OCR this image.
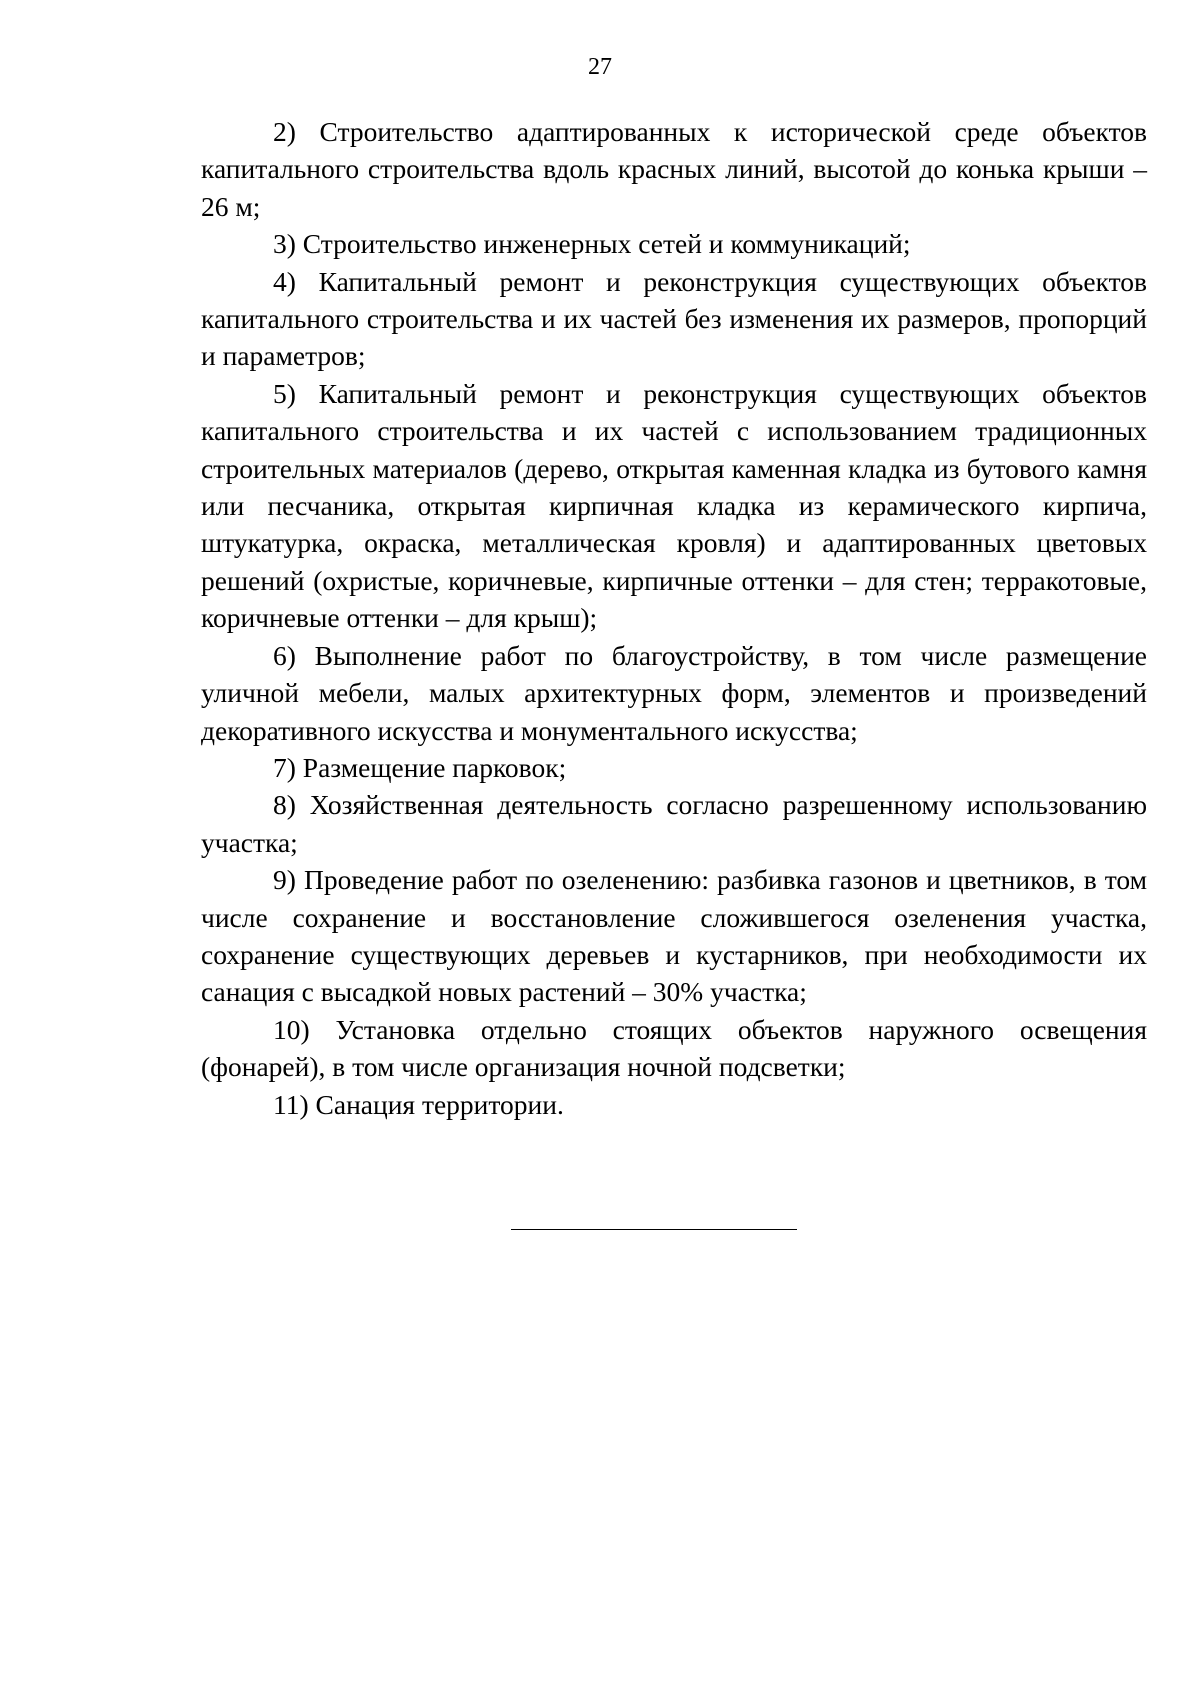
27

2) Строительство адаптированных к исторической среде объектов капитального строительства вдоль красных линий, высотой до конька крыши – 26 м;

3) Строительство инженерных сетей и коммуникаций;

4) Капитальный ремонт и реконструкция существующих объектов капитального строительства и их частей без изменения их размеров, пропорций и параметров;

5) Капитальный ремонт и реконструкция существующих объектов капитального строительства и их частей с использованием традиционных строительных материалов (дерево, открытая каменная кладка из бутового камня или песчаника, открытая кирпичная кладка из керамического кирпича, штукатурка, окраска, металлическая кровля) и адаптированных цветовых решений (охристые, коричневые, кирпичные оттенки – для стен; терракотовые, коричневые оттенки – для крыш);

6) Выполнение работ по благоустройству, в том числе размещение уличной мебели, малых архитектурных форм, элементов и произведений декоративного искусства и монументального искусства;

7) Размещение парковок;

8) Хозяйственная деятельность согласно разрешенному использованию участка;

9) Проведение работ по озеленению: разбивка газонов и цветников, в том числе сохранение и восстановление сложившегося озеленения участка, сохранение существующих деревьев и кустарников, при необходимости их санация с высадкой новых растений – 30% участка;

10) Установка отдельно стоящих объектов наружного освещения (фонарей), в том числе организация ночной подсветки;

11) Санация территории.
